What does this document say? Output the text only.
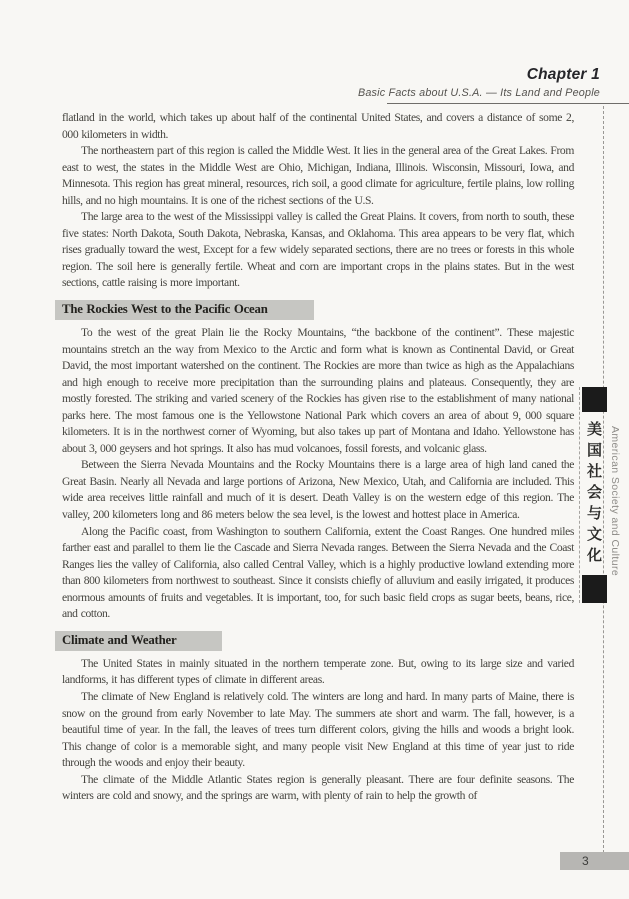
Chapter 1
Basic Facts about U.S.A. — Its Land and People

flatland in the world, which takes up about half of the continental United States, and covers a distance of some 2, 000 kilometers in width.

The northeastern part of this region is called the Middle West. It lies in the general area of the Great Lakes. From east to west, the states in the Middle West are Ohio, Michigan, Indiana, Illinois. Wisconsin, Missouri, Iowa, and Minnesota. This region has great mineral, resources, rich soil, a good climate for agriculture, fertile plains, low rolling hills, and no high mountains. It is one of the richest sections of the U.S.

The large area to the west of the Mississippi valley is called the Great Plains. It covers, from north to south, these five states: North Dakota, South Dakota, Nebraska, Kansas, and Oklahoma. This area appears to be very flat, which rises gradually toward the west, Except for a few widely separated sections, there are no trees or forests in this whole region. The soil here is generally fertile. Wheat and corn are important crops in the plains states. But in the west sections, cattle raising is more important.

The Rockies West to the Pacific Ocean

To the west of the great Plain lie the Rocky Mountains, “the backbone of the continent”. These majestic mountains stretch an the way from Mexico to the Arctic and form what is known as Continental David, or Great David, the most important watershed on the continent. The Rockies are more than twice as high as the Appalachians and high enough to receive more precipitation than the surrounding plains and plateaus. Consequently, they are mostly forested. The striking and varied scenery of the Rockies has given rise to the establishment of many national parks here. The most famous one is the Yellowstone National Park which covers an area of about 9, 000 square kilometers. It is in the northwest corner of Wyoming, but also takes up part of Montana and Idaho. Yellowstone has about 3, 000 geysers and hot springs. It also has mud volcanoes, fossil forests, and volcanic glass.

Between the Sierra Nevada Mountains and the Rocky Mountains there is a large area of high land caned the Great Basin. Nearly all Nevada and large portions of Arizona, New Mexico, Utah, and California are included. This wide area receives little rainfall and much of it is desert. Death Valley is on the western edge of this region. The valley, 200 kilometers long and 86 meters below the sea level, is the lowest and hottest place in America.

Along the Pacific coast, from Washington to southern California, extent the Coast Ranges. One hundred miles farther east and parallel to them lie the Cascade and Sierra Nevada ranges. Between the Sierra Nevada and the Coast Ranges lies the valley of California, also called Central Valley, which is a highly productive lowland extending more than 800 kilometers from northwest to southeast. Since it consists chiefly of alluvium and easily irrigated, it produces enormous amounts of fruits and vegetables. It is important, too, for such basic field crops as sugar beets, beans, rice, and cotton.

Climate and Weather

The United States in mainly situated in the northern temperate zone. But, owing to its large size and varied landforms, it has different types of climate in different areas.

The climate of New England is relatively cold. The winters are long and hard. In many parts of Maine, there is snow on the ground from early November to late May. The summers ate short and warm. The fall, however, is a beautiful time of year. In the fall, the leaves of trees turn different colors, giving the hills and woods a bright look. This change of color is a memorable sight, and many people visit New England at this time of year just to ride through the woods and enjoy their beauty.

The climate of the Middle Atlantic States region is generally pleasant. There are four definite seasons. The winters are cold and snowy, and the springs are warm, with plenty of rain to help the growth of

美
国
社
会
与
文
化 American Society and Culture
3
